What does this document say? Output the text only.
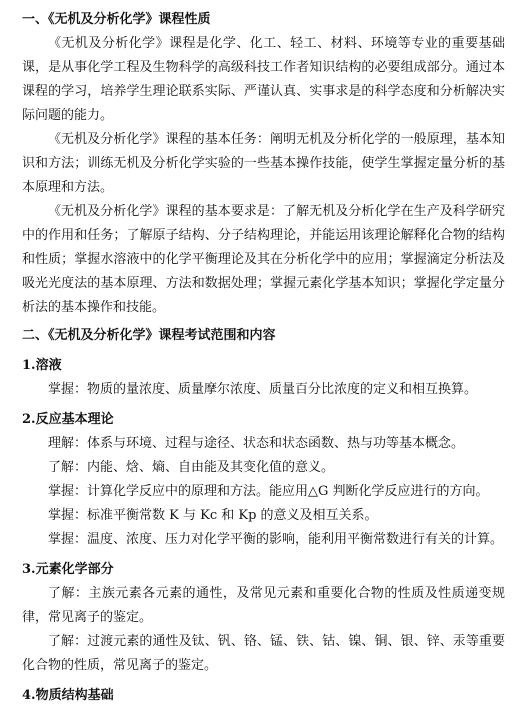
一、《无机及分析化学》课程性质

《无机及分析化学》课程是化学、化工、轻工、材料、环境等专业的重要基础课，是从事化学工程及生物科学的高级科技工作者知识结构的必要组成部分。通过本课程的学习，培养学生理论联系实际、严谨认真、实事求是的科学态度和分析解决实际问题的能力。

《无机及分析化学》课程的基本任务：阐明无机及分析化学的一般原理，基本知识和方法；训练无机及分析化学实验的一些基本操作技能，使学生掌握定量分析的基本原理和方法。

《无机及分析化学》课程的基本要求是：了解无机及分析化学在生产及科学研究中的作用和任务；了解原子结构、分子结构理论，并能运用该理论解释化合物的结构和性质；掌握水溶液中的化学平衡理论及其在分析化学中的应用；掌握滴定分析法及吸光光度法的基本原理、方法和数据处理；掌握元素化学基本知识；掌握化学定量分析法的基本操作和技能。

二、《无机及分析化学》课程考试范围和内容
1.溶液

掌握：物质的量浓度、质量摩尔浓度、质量百分比浓度的定义和相互换算。

2.反应基本理论

理解：体系与环境、过程与途径、状态和状态函数、热与功等基本概念。

了解：内能、焓、熵、自由能及其变化值的意义。

掌握：计算化学反应中的原理和方法。能应用△G 判断化学反应进行的方向。

掌握：标准平衡常数 K 与 Kc 和 Kp 的意义及相互关系。

掌握：温度、浓度、压力对化学平衡的影响，能利用平衡常数进行有关的计算。

3.元素化学部分

了解：主族元素各元素的通性，及常见元素和重要化合物的性质及性质递变规律，常见离子的鉴定。

了解：过渡元素的通性及钛、钒、铬、锰、铁、钴、镍、铜、银、锌、汞等重要化合物的性质，常见离子的鉴定。

4.物质结构基础
